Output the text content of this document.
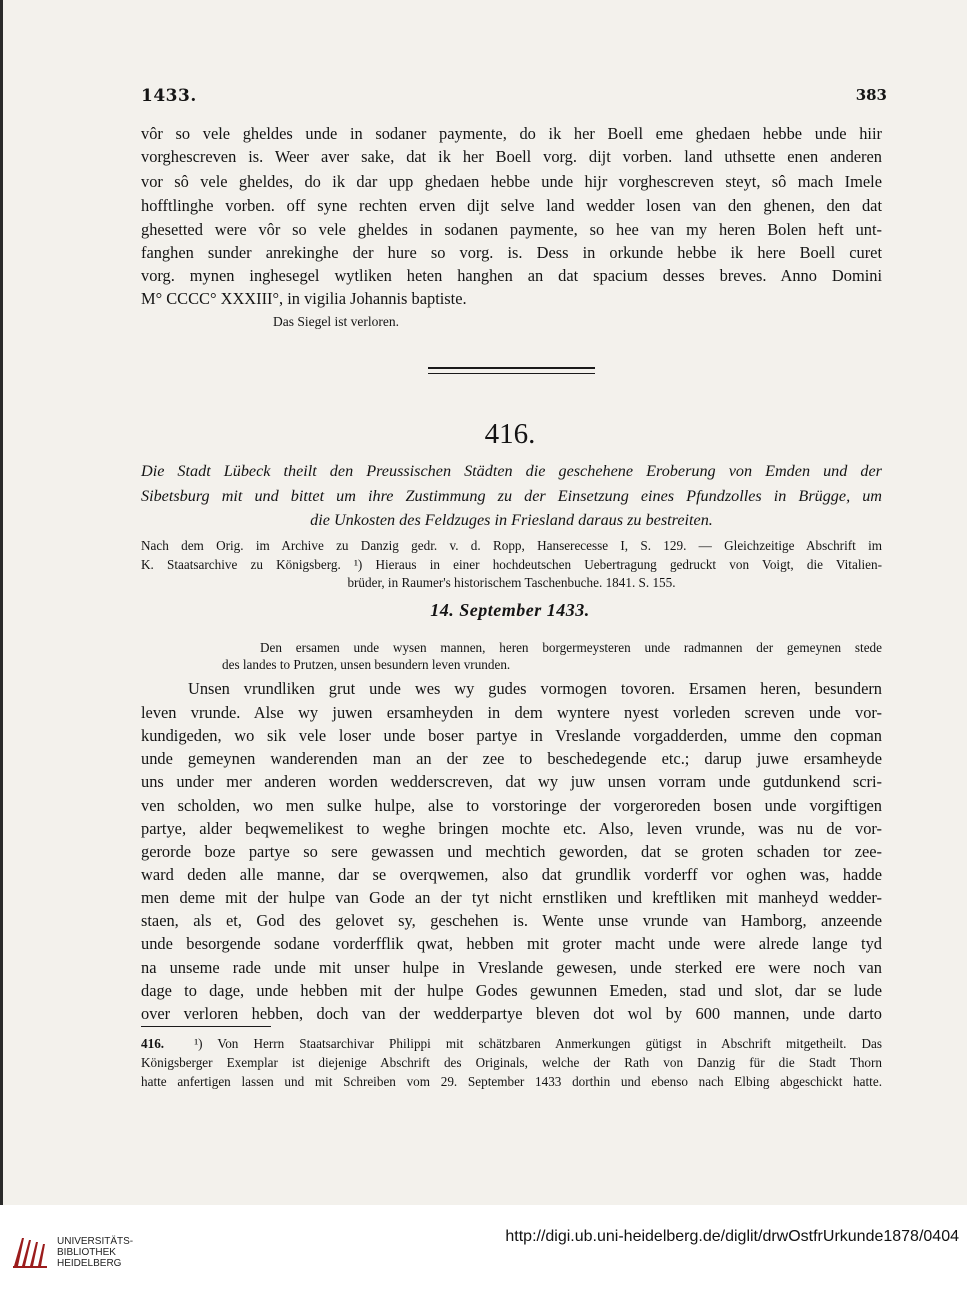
1433.	383
vôr so vele gheldes unde in sodaner paymente, do ik her Boell eme ghedaen hebbe unde hiir
vorghescreven is. Weer aver sake, dat ik her Boell vorg. dijt vorben. land uthsette enen anderen
vor sô vele gheldes, do ik dar upp ghedaen hebbe unde hijr vorghescreven steyt, sô mach Imele
hofftlinghe vorben. off syne rechten erven dijt selve land wedder losen van den ghenen, den dat
ghesetted were vôr so vele gheldes in sodanen paymente, so hee van my heren Bolen heft unt-
fanghen sunder anrekinghe der hure so vorg. is. Dess in orkunde hebbe ik here Boell curet
vorg. mynen inghesegel wytliken heten hanghen an dat spacium desses breves. Anno Domini
M° CCCC° XXXIII°, in vigilia Johannis baptiste.
Das Siegel ist verloren.
416.
Die Stadt Lübeck theilt den Preussischen Städten die geschehene Eroberung von Emden und der
Sibetsburg mit und bittet um ihre Zustimmung zu der Einsetzung eines Pfundzolles in Brügge, um
die Unkosten des Feldzuges in Friesland daraus zu bestreiten.
Nach dem Orig. im Archive zu Danzig gedr. v. d. Ropp, Hanserecesse I, S. 129. — Gleichzeitige Abschrift im
K. Staatsarchive zu Königsberg. ¹) Hieraus in einer hochdeutschen Uebertragung gedruckt von Voigt, die Vitalien-
brüder, in Raumer's historischem Taschenbuche. 1841. S. 155.
14. September 1433.
Den ersamen unde wysen mannen, heren borgermeysteren unde radmannen der gemeynen stede
des landes to Prutzen, unsen besundern leven vrunden.
Unsen vrundliken grut unde wes wy gudes vormogen tovoren. Ersamen heren, besundern
leven vrunde. Alse wy juwen ersamheyden in dem wyntere nyest vorleden screven unde vor-
kundigeden, wo sik vele loser unde boser partye in Vreslande vorgadderden, umme den copman
unde gemeynen wanderenden man an der zee to beschedegende etc.; darup juwe ersamheyde
uns under mer anderen worden wedderscreven, dat wy juw unsen vorram unde gutdunkend scri-
ven scholden, wo men sulke hulpe, alse to vorstoringe der vorgeroreden bosen unde vorgiftigen
partye, alder beqwemelikest to weghe bringen mochte etc. Also, leven vrunde, was nu de vor-
gerorde boze partye so sere gewassen und mechtich geworden, dat se groten schaden tor zee-
ward deden alle manne, dar se overqwemen, also dat grundlik vorderff vor oghen was, hadde
men deme mit der hulpe van Gode an der tyt nicht ernstliken und kreftliken mit manheyd wedder-
staen, als et, God des gelovet sy, geschehen is. Wente unse vrunde van Hamborg, anzeende
unde besorgende sodane vorderfflik qwat, hebben mit groter macht unde were alrede lange tyd
na unseme rade unde mit unser hulpe in Vreslande gewesen, unde sterked ere were noch van
dage to dage, unde hebben mit der hulpe Godes gewunnen Emeden, stad und slot, dar se lude
over verloren hebben, doch van der wedderpartye bleven dot wol by 600 mannen, unde darto
416. ¹) Von Herrn Staatsarchivar Philippi mit schätzbaren Anmerkungen gütigst in Abschrift mitgetheilt. Das
Königsberger Exemplar ist diejenige Abschrift des Originals, welche der Rath von Danzig für die Stadt Thorn
hatte anfertigen lassen und mit Schreiben vom 29. September 1433 dorthin und ebenso nach Elbing abgeschickt hatte.
UNIVERSITÄTS-
BIBLIOTHEK
HEIDELBERG
http://digi.ub.uni-heidelberg.de/diglit/drwOstfrUrkunde1878/0404
